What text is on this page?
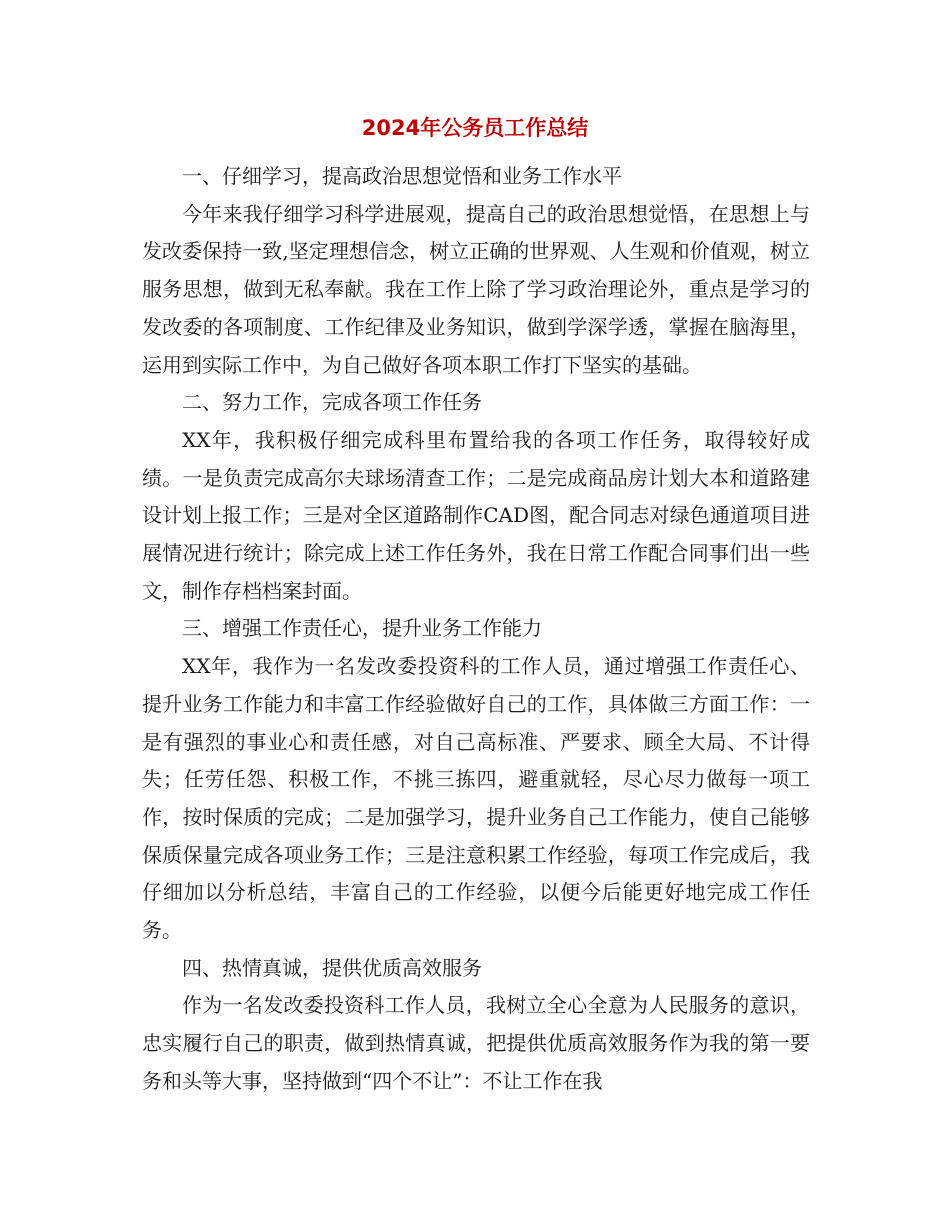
2024年公务员工作总结

一、仔细学习，提高政治思想觉悟和业务工作水平

今年来我仔细学习科学进展观，提高自己的政治思想觉悟，在思想上与发改委保持一致,坚定理想信念，树立正确的世界观、人生观和价值观，树立服务思想，做到无私奉献。我在工作上除了学习政治理论外，重点是学习的发改委的各项制度、工作纪律及业务知识，做到学深学透，掌握在脑海里，运用到实际工作中，为自己做好各项本职工作打下坚实的基础。

二、努力工作，完成各项工作任务

XX年，我积极仔细完成科里布置给我的各项工作任务，取得较好成绩。一是负责完成高尔夫球场清查工作；二是完成商品房计划大本和道路建设计划上报工作；三是对全区道路制作CAD图，配合同志对绿色通道项目进展情况进行统计；除完成上述工作任务外，我在日常工作配合同事们出一些文，制作存档档案封面。

三、增强工作责任心，提升业务工作能力

XX年，我作为一名发改委投资科的工作人员，通过增强工作责任心、提升业务工作能力和丰富工作经验做好自己的工作，具体做三方面工作：一是有强烈的事业心和责任感，对自己高标准、严要求、顾全大局、不计得失；任劳任怨、积极工作，不挑三拣四，避重就轻，尽心尽力做每一项工作，按时保质的完成；二是加强学习，提升业务自己工作能力，使自己能够保质保量完成各项业务工作；三是注意积累工作经验，每项工作完成后，我仔细加以分析总结，丰富自己的工作经验，以便今后能更好地完成工作任务。

四、热情真诚，提供优质高效服务

作为一名发改委投资科工作人员，我树立全心全意为人民服务的意识，忠实履行自己的职责，做到热情真诚，把提供优质高效服务作为我的第一要务和头等大事，坚持做到“四个不让”：不让工作在我
